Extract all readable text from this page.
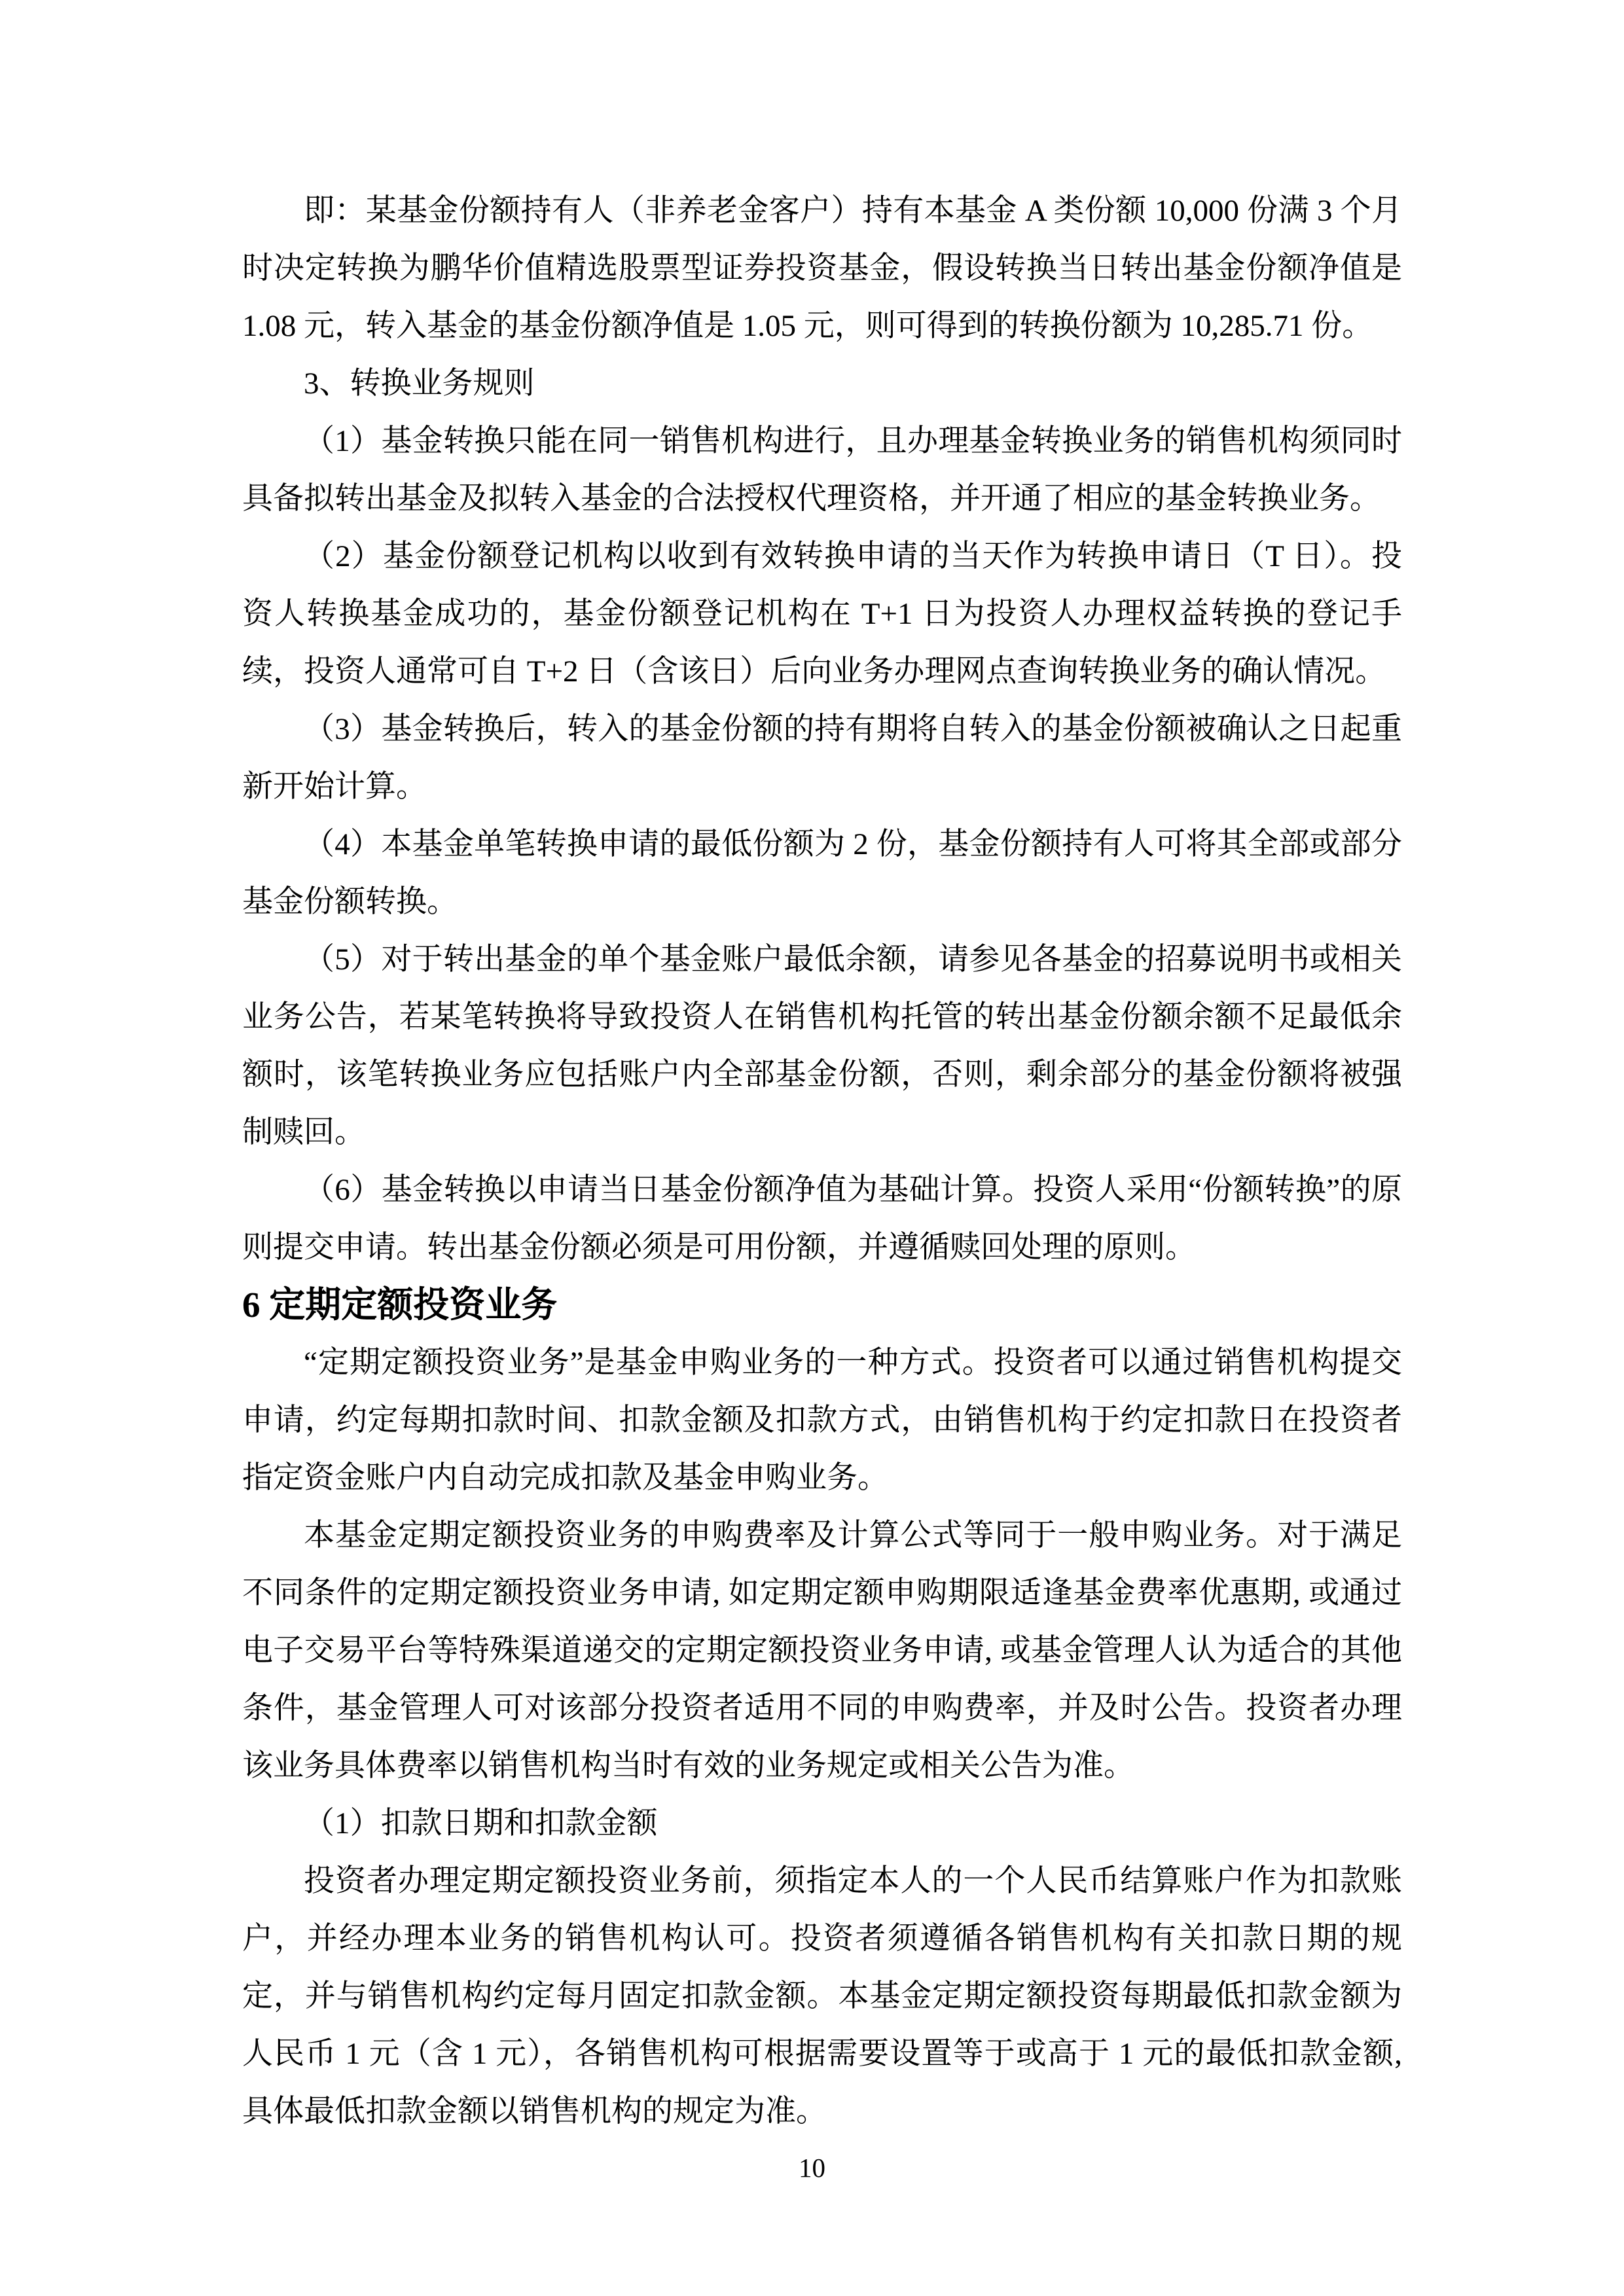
即：某基金份额持有人（非养老金客户）持有本基金 A 类份额 10,000 份满 3 个月时决定转换为鹏华价值精选股票型证券投资基金，假设转换当日转出基金份额净值是 1.08 元，转入基金的基金份额净值是 1.05 元，则可得到的转换份额为 10,285.71 份。

3、转换业务规则

（1）基金转换只能在同一销售机构进行，且办理基金转换业务的销售机构须同时具备拟转出基金及拟转入基金的合法授权代理资格，并开通了相应的基金转换业务。

（2）基金份额登记机构以收到有效转换申请的当天作为转换申请日（T 日）。投资人转换基金成功的，基金份额登记机构在 T+1 日为投资人办理权益转换的登记手续，投资人通常可自 T+2 日（含该日）后向业务办理网点查询转换业务的确认情况。

（3）基金转换后，转入的基金份额的持有期将自转入的基金份额被确认之日起重新开始计算。

（4）本基金单笔转换申请的最低份额为 2 份，基金份额持有人可将其全部或部分基金份额转换。

（5）对于转出基金的单个基金账户最低余额，请参见各基金的招募说明书或相关业务公告，若某笔转换将导致投资人在销售机构托管的转出基金份额余额不足最低余额时，该笔转换业务应包括账户内全部基金份额，否则，剩余部分的基金份额将被强制赎回。

（6）基金转换以申请当日基金份额净值为基础计算。投资人采用“份额转换”的原则提交申请。转出基金份额必须是可用份额，并遵循赎回处理的原则。

6 定期定额投资业务

“定期定额投资业务”是基金申购业务的一种方式。投资者可以通过销售机构提交申请，约定每期扣款时间、扣款金额及扣款方式，由销售机构于约定扣款日在投资者指定资金账户内自动完成扣款及基金申购业务。

本基金定期定额投资业务的申购费率及计算公式等同于一般申购业务。对于满足不同条件的定期定额投资业务申请, 如定期定额申购期限适逢基金费率优惠期, 或通过电子交易平台等特殊渠道递交的定期定额投资业务申请, 或基金管理人认为适合的其他条件，基金管理人可对该部分投资者适用不同的申购费率，并及时公告。投资者办理该业务具体费率以销售机构当时有效的业务规定或相关公告为准。

（1）扣款日期和扣款金额

投资者办理定期定额投资业务前，须指定本人的一个人民币结算账户作为扣款账户，并经办理本业务的销售机构认可。投资者须遵循各销售机构有关扣款日期的规定，并与销售机构约定每月固定扣款金额。本基金定期定额投资每期最低扣款金额为人民币 1 元（含 1 元），各销售机构可根据需要设置等于或高于 1 元的最低扣款金额, 具体最低扣款金额以销售机构的规定为准。

10
